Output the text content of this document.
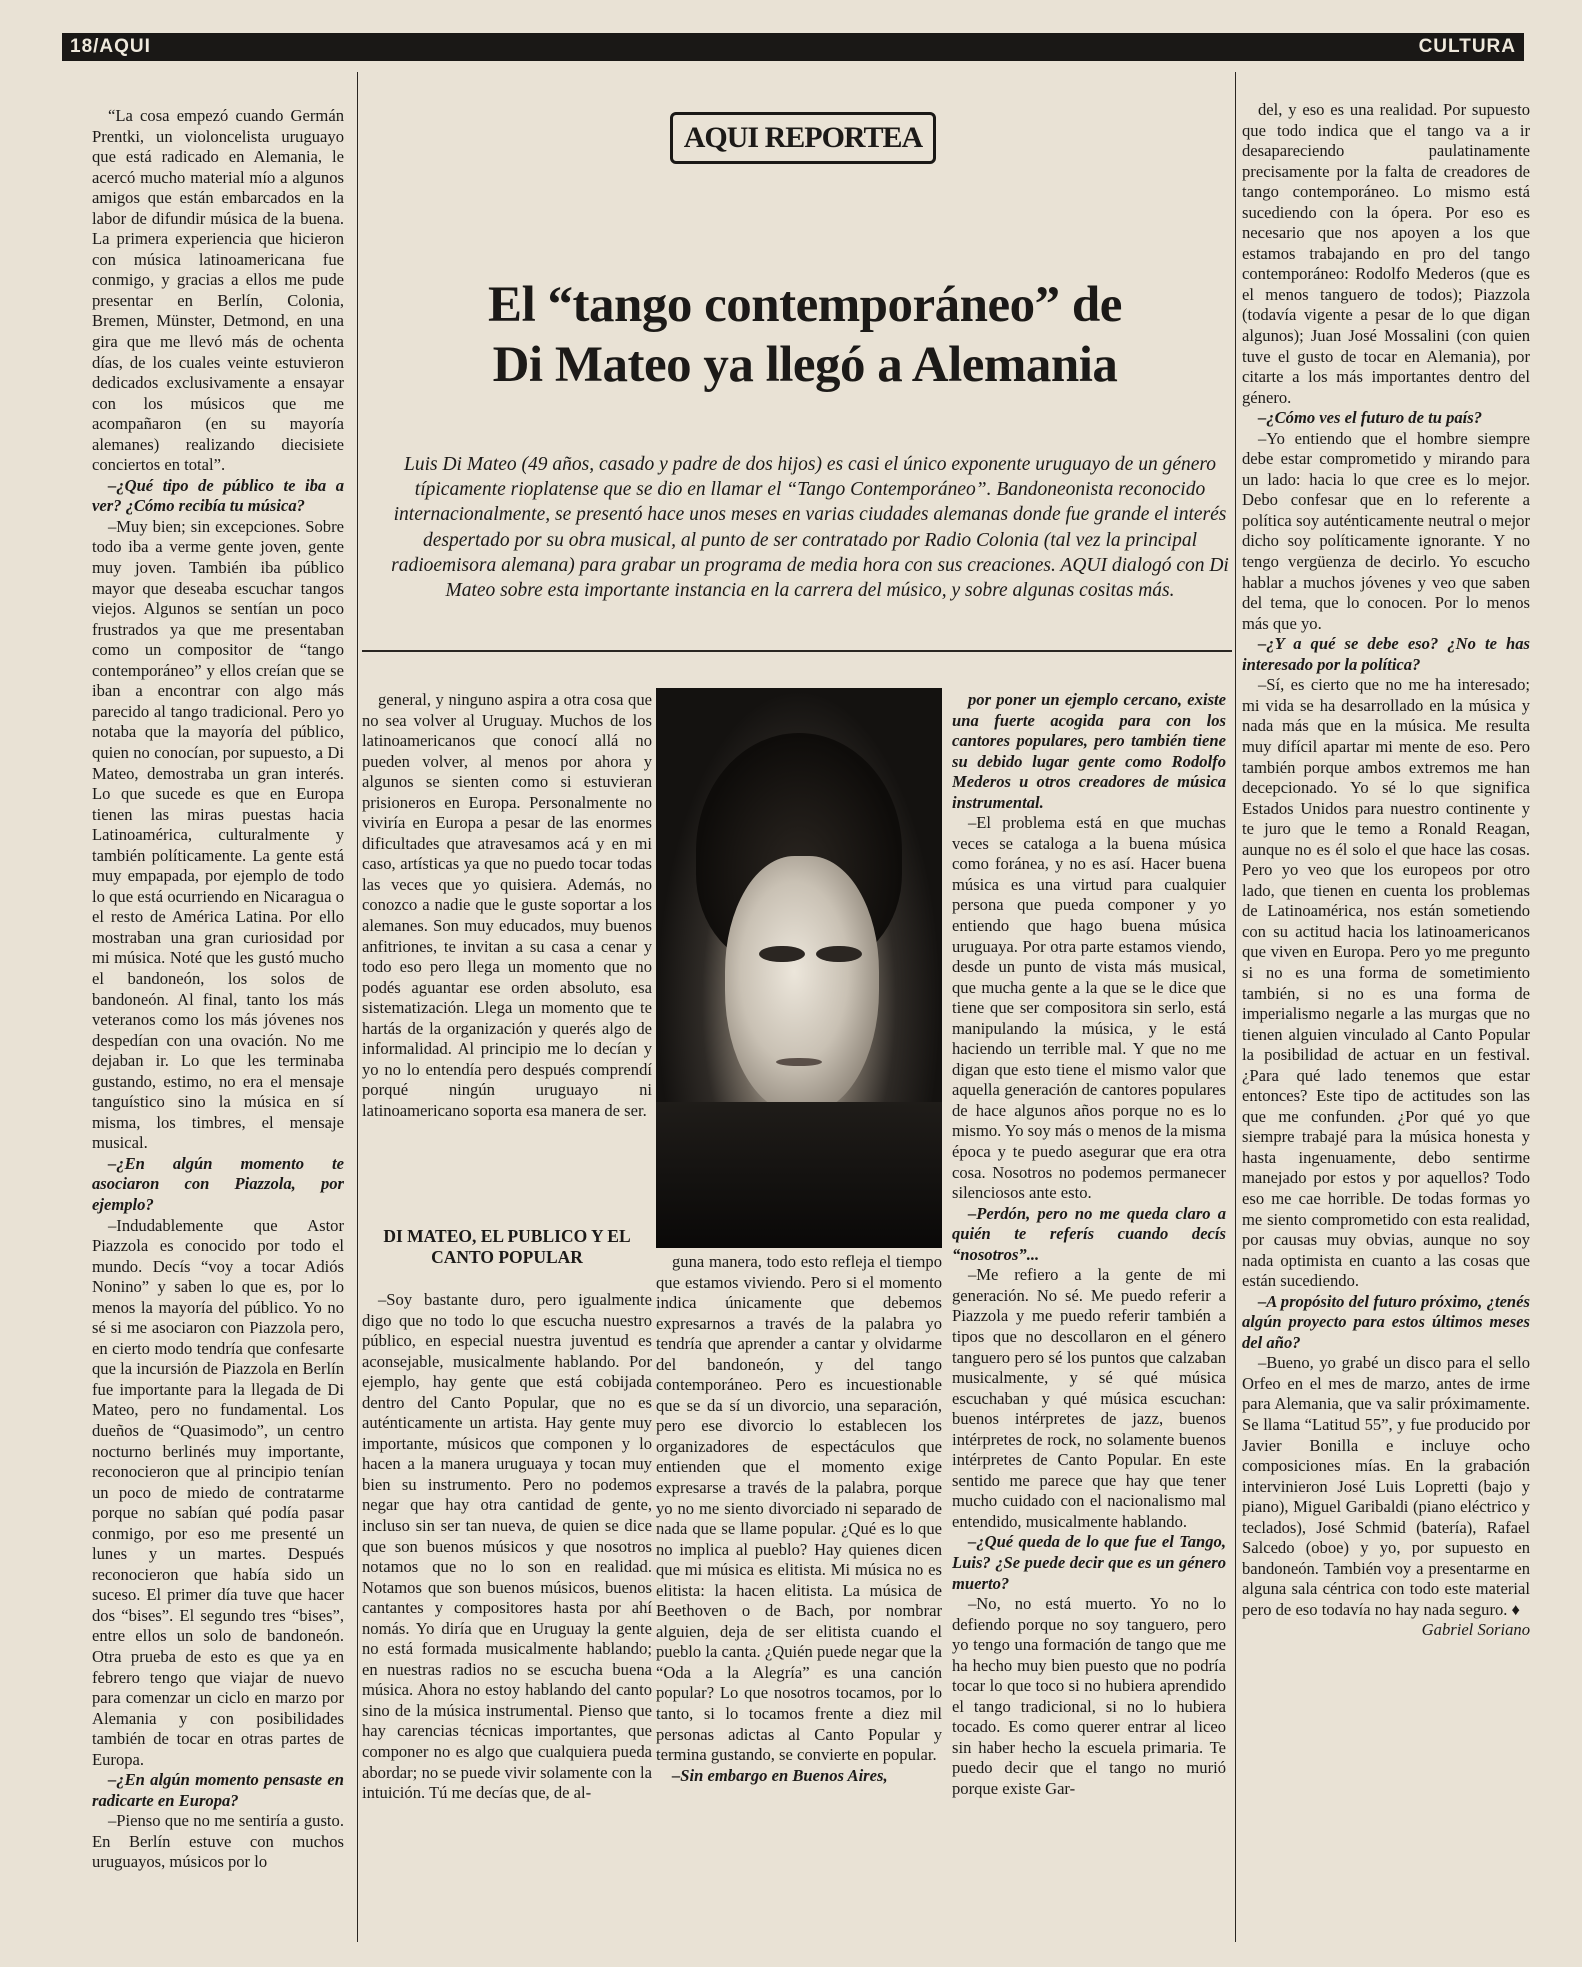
18/AQUI	CULTURA
AQUI REPORTEA
El “tango contemporáneo” de
Di Mateo ya llegó a Alemania
Luis Di Mateo (49 años, casado y padre de dos hijos) es casi el único exponente uruguayo de un género típicamente rioplatense que se dio en llamar el “Tango Contemporáneo”. Bandoneonista reconocido internacionalmente, se presentó hace unos meses en varias ciudades alemanas donde fue grande el interés despertado por su obra musical, al punto de ser contratado por Radio Colonia (tal vez la principal radioemisora alemana) para grabar un programa de media hora con sus creaciones. AQUI dialogó con Di Mateo sobre esta importante instancia en la carrera del músico, y sobre algunas cositas más.

“La cosa empezó cuando Germán Prentki, un violoncelista uruguayo que está radicado en Alemania, le acercó mucho material mío a algunos amigos que están embarcados en la labor de difundir música de la buena. La primera experiencia que hicieron con música latinoamericana fue conmigo, y gracias a ellos me pude presentar en Berlín, Colonia, Bremen, Münster, Detmond, en una gira que me llevó más de ochenta días, de los cuales veinte estuvieron dedicados exclusivamente a ensayar con los músicos que me acompañaron (en su mayoría alemanes) realizando diecisiete conciertos en total”.

–¿Qué tipo de público te iba a ver? ¿Cómo recibía tu música?

–Muy bien; sin excepciones. Sobre todo iba a verme gente joven, gente muy joven. También iba público mayor que deseaba escuchar tangos viejos. Algunos se sentían un poco frustrados ya que me presentaban como un compositor de “tango contemporáneo” y ellos creían que se iban a encontrar con algo más parecido al tango tradicional. Pero yo notaba que la mayoría del público, quien no conocían, por supuesto, a Di Mateo, demostraba un gran interés. Lo que sucede es que en Europa tienen las miras puestas hacia Latinoamérica, culturalmente y también políticamente. La gente está muy empapada, por ejemplo de todo lo que está ocurriendo en Nicaragua o el resto de América Latina. Por ello mostraban una gran curiosidad por mi música. Noté que les gustó mucho el bandoneón, los solos de bandoneón. Al final, tanto los más veteranos como los más jóvenes nos despedían con una ovación. No me dejaban ir. Lo que les terminaba gustando, estimo, no era el mensaje tanguístico sino la música en sí misma, los timbres, el mensaje musical.

–¿En algún momento te asociaron con Piazzola, por ejemplo?

–Indudablemente que Astor Piazzola es conocido por todo el mundo. Decís “voy a tocar Adiós Nonino” y saben lo que es, por lo menos la mayoría del público. Yo no sé si me asociaron con Piazzola pero, en cierto modo tendría que confesarte que la incursión de Piazzola en Berlín fue importante para la llegada de Di Mateo, pero no fundamental. Los dueños de “Quasimodo”, un centro nocturno berlinés muy importante, reconocieron que al principio tenían un poco de miedo de contratarme porque no sabían qué podía pasar conmigo, por eso me presenté un lunes y un martes. Después reconocieron que había sido un suceso. El primer día tuve que hacer dos “bises”. El segundo tres “bises”, entre ellos un solo de bandoneón. Otra prueba de esto es que ya en febrero tengo que viajar de nuevo para comenzar un ciclo en marzo por Alemania y con posibilidades también de tocar en otras partes de Europa.

–¿En algún momento pensaste en radicarte en Europa?

–Pienso que no me sentiría a gusto. En Berlín estuve con muchos uruguayos, músicos por lo

general, y ninguno aspira a otra cosa que no sea volver al Uruguay. Muchos de los latinoamericanos que conocí allá no pueden volver, al menos por ahora y algunos se sienten como si estuvieran prisioneros en Europa. Personalmente no viviría en Europa a pesar de las enormes dificultades que atravesamos acá y en mi caso, artísticas ya que no puedo tocar todas las veces que yo quisiera. Además, no conozco a nadie que le guste soportar a los alemanes. Son muy educados, muy buenos anfitriones, te invitan a su casa a cenar y todo eso pero llega un momento que no podés aguantar ese orden absoluto, esa sistematización. Llega un momento que te hartás de la organización y querés algo de informalidad. Al principio me lo decían y yo no lo entendía pero después comprendí porqué ningún uruguayo ni latinoamericano soporta esa manera de ser.

DI MATEO, EL PUBLICO Y EL CANTO POPULAR

–Soy bastante duro, pero igualmente digo que no todo lo que escucha nuestro público, en especial nuestra juventud es aconsejable, musicalmente hablando. Por ejemplo, hay gente que está cobijada dentro del Canto Popular, que no es auténticamente un artista. Hay gente muy importante, músicos que componen y lo hacen a la manera uruguaya y tocan muy bien su instrumento. Pero no podemos negar que hay otra cantidad de gente, incluso sin ser tan nueva, de quien se dice que son buenos músicos y que nosotros notamos que no lo son en realidad. Notamos que son buenos músicos, buenos cantantes y compositores hasta por ahí nomás. Yo diría que en Uruguay la gente no está formada musicalmente hablando; en nuestras radios no se escucha buena música. Ahora no estoy hablando del canto sino de la música instrumental. Pienso que hay carencias técnicas importantes, que componer no es algo que cualquiera pueda abordar; no se puede vivir solamente con la intuición. Tú me decías que, de al-

guna manera, todo esto refleja el tiempo que estamos viviendo. Pero si el momento indica únicamente que debemos expresarnos a través de la palabra yo tendría que aprender a cantar y olvidarme del bandoneón, y del tango contemporáneo. Pero es incuestionable que se da sí un divorcio, una separación, pero ese divorcio lo establecen los organizadores de espectáculos que entienden que el momento exige expresarse a través de la palabra, porque yo no me siento divorciado ni separado de nada que se llame popular. ¿Qué es lo que no implica al pueblo? Hay quienes dicen que mi música es elitista. Mi música no es elitista: la hacen elitista. La música de Beethoven o de Bach, por nombrar alguien, deja de ser elitista cuando el pueblo la canta. ¿Quién puede negar que la “Oda a la Alegría” es una canción popular? Lo que nosotros tocamos, por lo tanto, si lo tocamos frente a diez mil personas adictas al Canto Popular y termina gustando, se convierte en popular.

–Sin embargo en Buenos Aires,

por poner un ejemplo cercano, existe una fuerte acogida para con los cantores populares, pero también tiene su debido lugar gente como Rodolfo Mederos u otros creadores de música instrumental.

–El problema está en que muchas veces se cataloga a la buena música como foránea, y no es así. Hacer buena música es una virtud para cualquier persona que pueda componer y yo entiendo que hago buena música uruguaya. Por otra parte estamos viendo, desde un punto de vista más musical, que mucha gente a la que se le dice que tiene que ser compositora sin serlo, está manipulando la música, y le está haciendo un terrible mal. Y que no me digan que esto tiene el mismo valor que aquella generación de cantores populares de hace algunos años porque no es lo mismo. Yo soy más o menos de la misma época y te puedo asegurar que era otra cosa. Nosotros no podemos permanecer silenciosos ante esto.

–Perdón, pero no me queda claro a quién te referís cuando decís “nosotros”...

–Me refiero a la gente de mi generación. No sé. Me puedo referir a Piazzola y me puedo referir también a tipos que no descollaron en el género tanguero pero sé los puntos que calzaban musicalmente, y sé qué música escuchaban y qué música escuchan: buenos intérpretes de jazz, buenos intérpretes de rock, no solamente buenos intérpretes de Canto Popular. En este sentido me parece que hay que tener mucho cuidado con el nacionalismo mal entendido, musicalmente hablando.

–¿Qué queda de lo que fue el Tango, Luis? ¿Se puede decir que es un género muerto?

–No, no está muerto. Yo no lo defiendo porque no soy tanguero, pero yo tengo una formación de tango que me ha hecho muy bien puesto que no podría tocar lo que toco si no hubiera aprendido el tango tradicional, si no lo hubiera tocado. Es como querer entrar al liceo sin haber hecho la escuela primaria. Te puedo decir que el tango no murió porque existe Gar-

del, y eso es una realidad. Por supuesto que todo indica que el tango va a ir desapareciendo paulatinamente precisamente por la falta de creadores de tango contemporáneo. Lo mismo está sucediendo con la ópera. Por eso es necesario que nos apoyen a los que estamos trabajando en pro del tango contemporáneo: Rodolfo Mederos (que es el menos tanguero de todos); Piazzola (todavía vigente a pesar de lo que digan algunos); Juan José Mossalini (con quien tuve el gusto de tocar en Alemania), por citarte a los más importantes dentro del género.

–¿Cómo ves el futuro de tu país?

–Yo entiendo que el hombre siempre debe estar comprometido y mirando para un lado: hacia lo que cree es lo mejor. Debo confesar que en lo referente a política soy auténticamente neutral o mejor dicho soy políticamente ignorante. Y no tengo vergüenza de decirlo. Yo escucho hablar a muchos jóvenes y veo que saben del tema, que lo conocen. Por lo menos más que yo.

–¿Y a qué se debe eso? ¿No te has interesado por la política?

–Sí, es cierto que no me ha interesado; mi vida se ha desarrollado en la música y nada más que en la música. Me resulta muy difícil apartar mi mente de eso. Pero también porque ambos extremos me han decepcionado. Yo sé lo que significa Estados Unidos para nuestro continente y te juro que le temo a Ronald Reagan, aunque no es él solo el que hace las cosas. Pero yo veo que los europeos por otro lado, que tienen en cuenta los problemas de Latinoamérica, nos están sometiendo con su actitud hacia los latinoamericanos que viven en Europa. Pero yo me pregunto si no es una forma de sometimiento también, si no es una forma de imperialismo negarle a las murgas que no tienen alguien vinculado al Canto Popular la posibilidad de actuar en un festival. ¿Para qué lado tenemos que estar entonces? Este tipo de actitudes son las que me confunden. ¿Por qué yo que siempre trabajé para la música honesta y hasta ingenuamente, debo sentirme manejado por estos y por aquellos? Todo eso me cae horrible. De todas formas yo me siento comprometido con esta realidad, por causas muy obvias, aunque no soy nada optimista en cuanto a las cosas que están sucediendo.

–A propósito del futuro próximo, ¿tenés algún proyecto para estos últimos meses del año?

–Bueno, yo grabé un disco para el sello Orfeo en el mes de marzo, antes de irme para Alemania, que va salir próximamente. Se llama “Latitud 55”, y fue producido por Javier Bonilla e incluye ocho composiciones mías. En la grabación intervinieron José Luis Lopretti (bajo y piano), Miguel Garibaldi (piano eléctrico y teclados), José Schmid (batería), Rafael Salcedo (oboe) y yo, por supuesto en bandoneón. También voy a presentarme en alguna sala céntrica con todo este material pero de eso todavía no hay nada seguro. ♦

Gabriel Soriano
